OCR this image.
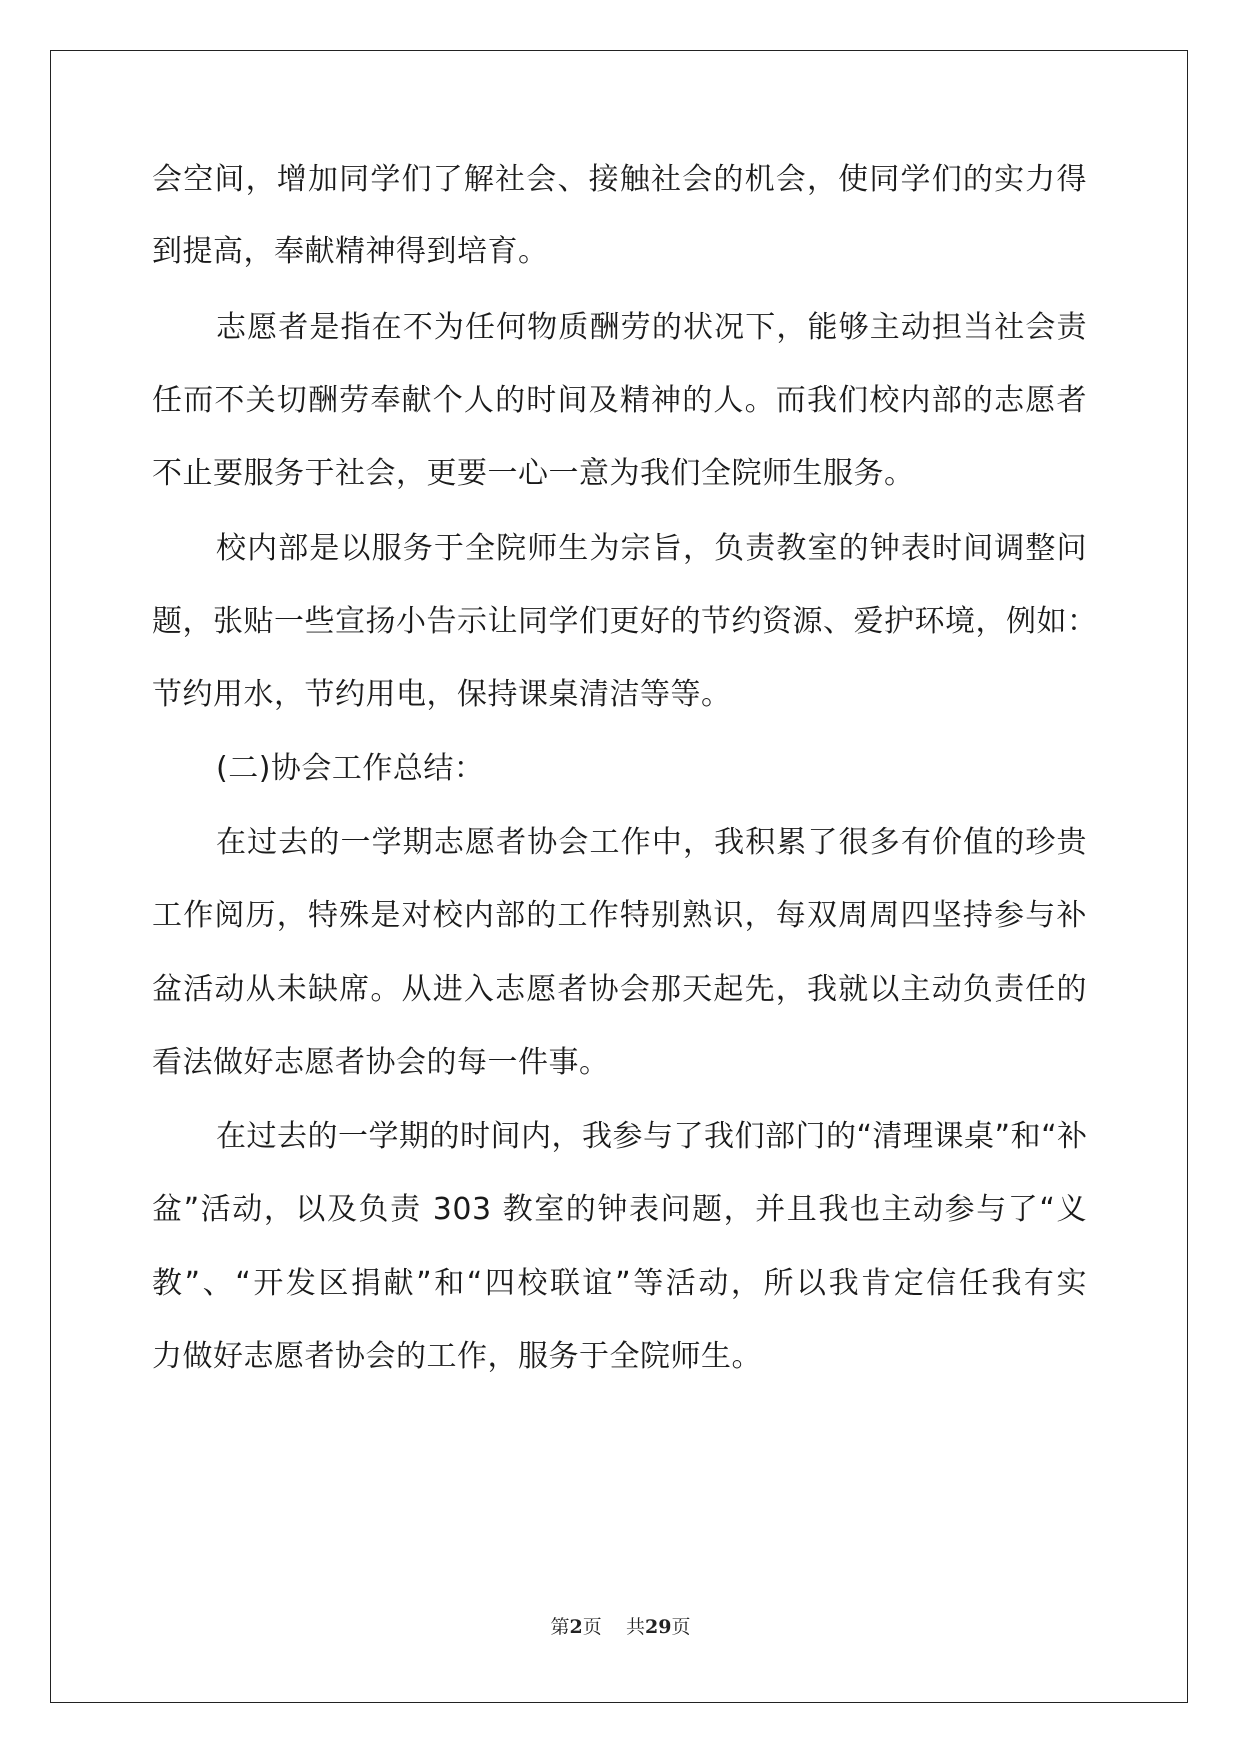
会空间，增加同学们了解社会、接触社会的机会，使同学们的实力得
到提高，奉献精神得到培育。
志愿者是指在不为任何物质酬劳的状况下，能够主动担当社会责
任而不关切酬劳奉献个人的时间及精神的人。而我们校内部的志愿者
不止要服务于社会，更要一心一意为我们全院师生服务。
校内部是以服务于全院师生为宗旨，负责教室的钟表时间调整问
题，张贴一些宣扬小告示让同学们更好的节约资源、爱护环境，例如：
节约用水，节约用电，保持课桌清洁等等。
(二)协会工作总结：
在过去的一学期志愿者协会工作中，我积累了很多有价值的珍贵
工作阅历，特殊是对校内部的工作特别熟识，每双周周四坚持参与补
盆活动从未缺席。从进入志愿者协会那天起先，我就以主动负责任的
看法做好志愿者协会的每一件事。
在过去的一学期的时间内，我参与了我们部门的“清理课桌”和“补
盆”活动，以及负责 303 教室的钟表问题，并且我也主动参与了“义
教”、“开发区捐献”和“四校联谊”等活动，所以我肯定信任我有实
力做好志愿者协会的工作，服务于全院师生。
第2页 共29页
